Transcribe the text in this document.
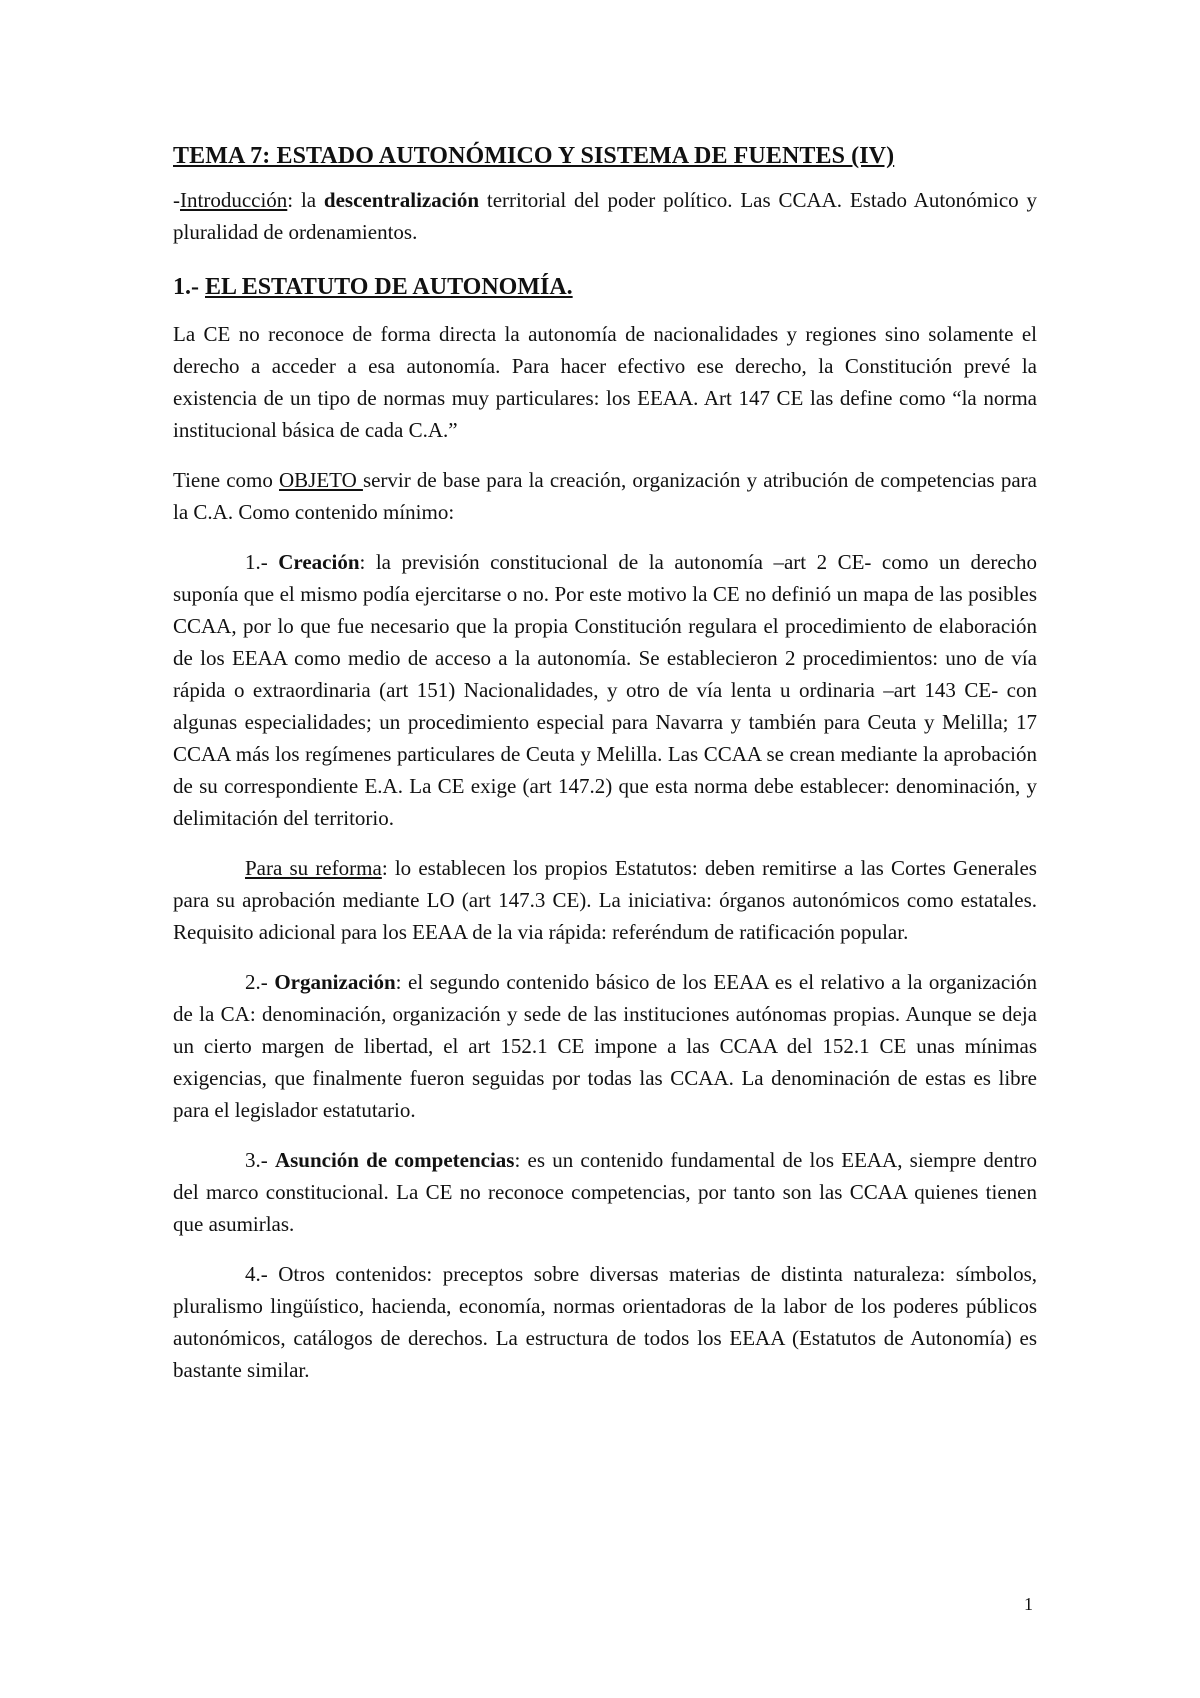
TEMA 7: ESTADO AUTONÓMICO Y SISTEMA DE FUENTES (IV)

-Introducción: la descentralización territorial del poder político. Las CCAA. Estado Autonómico y pluralidad de ordenamientos.

1.- EL ESTATUTO DE AUTONOMÍA.

La CE no reconoce de forma directa la autonomía de nacionalidades y regiones sino solamente el derecho a acceder a esa autonomía. Para hacer efectivo ese derecho, la Constitución prevé la existencia de un tipo de normas muy particulares: los EEAA. Art 147 CE las define como “la norma institucional básica de cada C.A.”

Tiene como OBJETO servir de base para la creación, organización y atribución de competencias para la C.A. Como contenido mínimo:

1.- Creación: la previsión constitucional de la autonomía –art 2 CE- como un derecho suponía que el mismo podía ejercitarse o no. Por este motivo la CE no definió un mapa de las posibles CCAA, por lo que fue necesario que la propia Constitución regulara el procedimiento de elaboración de los EEAA como medio de acceso a la autonomía. Se establecieron 2 procedimientos: uno de vía rápida o extraordinaria (art 151) Nacionalidades, y otro de vía lenta u ordinaria –art 143 CE- con algunas especialidades; un procedimiento especial para Navarra y también para Ceuta y Melilla; 17 CCAA más los regímenes particulares de Ceuta y Melilla. Las CCAA se crean mediante la aprobación de su correspondiente E.A. La CE exige (art 147.2) que esta norma debe establecer: denominación, y delimitación del territorio.

Para su reforma: lo establecen los propios Estatutos: deben remitirse a las Cortes Generales para su aprobación mediante LO (art 147.3 CE). La iniciativa: órganos autonómicos como estatales. Requisito adicional para los EEAA de la via rápida: referéndum de ratificación popular.

2.- Organización: el segundo contenido básico de los EEAA es el relativo a la organización de la CA: denominación, organización y sede de las instituciones autónomas propias. Aunque se deja un cierto margen de libertad, el art 152.1 CE impone a las CCAA del 152.1 CE unas mínimas exigencias, que finalmente fueron seguidas por todas las CCAA. La denominación de estas es libre para el legislador estatutario.

3.- Asunción de competencias: es un contenido fundamental de los EEAA, siempre dentro del marco constitucional. La CE no reconoce competencias, por tanto son las CCAA quienes tienen que asumirlas.

4.- Otros contenidos: preceptos sobre diversas materias de distinta naturaleza: símbolos, pluralismo lingüístico, hacienda, economía, normas orientadoras de la labor de los poderes públicos autonómicos, catálogos de derechos. La estructura de todos los EEAA (Estatutos de Autonomía) es bastante similar.

1
